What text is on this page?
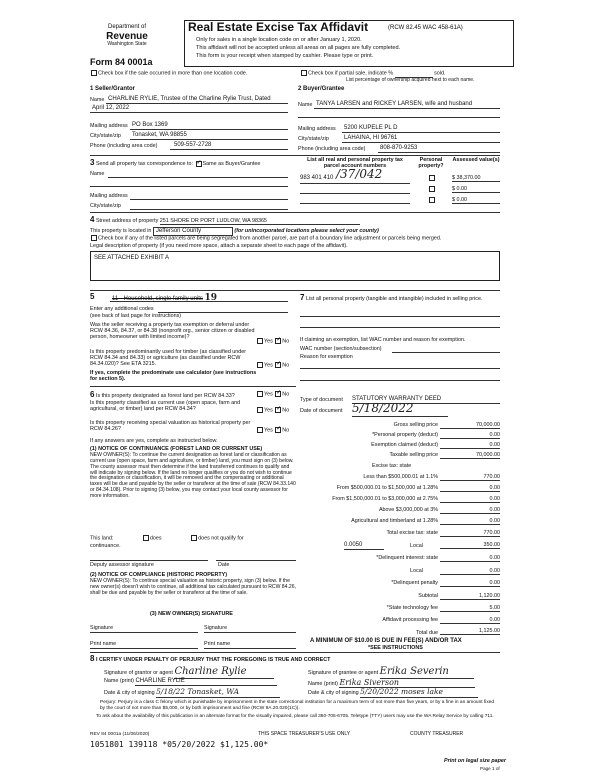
Department of
Revenue
Washington State
Form 84 0001a
Real Estate Excise Tax Affidavit	(RCW 82.45 WAC 458-61A)
Only for sales in a single location code on or after January 1, 2020.
This affidavit will not be accepted unless all areas on all pages are fully completed.
This form is your receipt when stamped by cashier. Please type or print.
Check box if the sale occurred in more than one location code.	Check box if partial sale, indicate %	sold.
List percentage of ownership acquired next to each name.
1 Seller/Grantor
Name CHARLINE RYLIE, Trustee of the Charline Rylie Trust, Dated
April 12, 2022
Mailing address PO Box 1369
City/state/zip Tonasket, WA 98855
Phone (including area code)	509-557-2728
2 Buyer/Grantee
Name TANYA LARSEN and RICKEY LARSEN, wife and husband
Mailing address 5200 KUPELE PL D
City/state/zip	LAHAINA, HI 96761
Phone (including area code) 808-870-9253
3 Send all property tax correspondence to: ✓ Same as Buyer/Grantee
Name
Mailing address
City/state/zip
List all real and personal property tax parcel account numbers
Personal property?
Assessed value(s)
983 401 410 /37/042	$ 38,370.00
$ 0.00
$ 0.00
4 Street address of property 251 SHORE DR PORT LUDLOW, WA 98365
This property is located in Jefferson County	(for unincorporated locations please select your county)
Check box if any of the listed parcels are being segregated from another parcel, are part of a boundary line adjustment or parcels being merged.
Legal description of property (if you need more space, attach a separate sheet to each page of the affidavit).
SEE ATTACHED EXHIBIT A
5	11 - Household, single family units 19
Enter any additional codes
(see back of last page for instructions)
Was the seller receiving a property tax exemption or deferral under RCW 84.36, 84.37, or 84.38 (nonprofit org., senior citizen or disabled person, homeowner with limited income)?
Yes ✓ No
Is this property predominantly used for timber (as classified under RCW 84.34 and 84.33) or agriculture (as classified under RCW 84.34.020)? See ETA 3215.	Yes ✓ No
If yes, complete the predominate use calculator (see instructions for section 5).
7 List all personal property (tangible and intangible) included in selling price.
If claiming an exemption, list WAC number and reason for exemption.
WAC number (section/subsection)
Reason for exemption
6 Is this property designated as forest land per RCW 84.33?	Yes ✓ No
Is this property classified as current use (open space, farm and agricultural, or timber) land per RCW 84.34?	Yes ✓ No
Is this property receiving special valuation as historical property per RCW 84.26?	Yes ✓ No
If any answers are yes, complete as instructed below.
(1) NOTICE OF CONTINUANCE (FOREST LAND OR CURRENT USE)
NEW OWNER(S): To continue the current designation as forest land or classification as current use (open space, farm and agriculture, or timber) land, you must sign on (3) below. The county assessor must then determine if the land transferred continues to qualify and will indicate by signing below. If the land no longer qualifies or you do not wish to continue the designation or classification, it will be removed and the compensating or additional taxes will be due and payable by the seller or transferor at the time of sale (RCW 84.33.140 or 84.34.108). Prior to signing (3) below, you may contact your local county assessor for more information.
This land:	does	does not qualify for
continuance.
Deputy assessor signature	Date
(2) NOTICE OF COMPLIANCE (HISTORIC PROPERTY)
NEW OWNER(S): To continue special valuation as historic property, sign (3) below. If the new owner(s) doesn't wish to continue, all additional tax calculated pursuant to RCW 84.26, shall be due and payable by the seller or transferor at the time of sale.
(3) NEW OWNER(S) SIGNATURE
Signature	Signature
Print name	Print name
Type of document STATUTORY WARRANTY DEED
Date of document 5/18/2022
Gross selling price	70,000.00
*Personal property (deduct)	0.00
Exemption claimed (deduct)	0.00
Taxable selling price	70,000.00
Excise tax: state
Less than $500,000.01 at 1.1%	770.00
From $500,000.01 to $1,500,000 at 1.28%	0.00
From $1,500,000.01 to $3,000,000 at 2.75%	0.00
Above $3,000,000 at 3%	0.00
Agricultural and timberland at 1.28%	0.00
Total excise tax: state	770.00
0.0050	Local	350.00
*Delinquent interest: state	0.00
Local	0.00
*Delinquent penalty	0.00
Subtotal	1,120.00
*State technology fee	5.00
Affidavit processing fee	0.00
Total due	1,125.00
A MINIMUM OF $10.00 IS DUE IN FEE(S) AND/OR TAX
*SEE INSTRUCTIONS
8 I CERTIFY UNDER PENALTY OF PERJURY THAT THE FOREGOING IS TRUE AND CORRECT
Signature of grantor or agent Charline Rylie
Name (print) CHARLINE RYLIE
Date & city of signing 5/18/22 Tonasket, WA
Signature of grantee or agent Erika Severin
Name (print) Erika Siverson
Date & city of signing 5/20/2022 moses lake
Perjury: Perjury is a class C felony which is punishable by imprisonment in the state correctional institution for a maximum term of not more than five years, or by a fine in an amount fixed by the court of not more than $5,000, or by both imprisonment and fine (RCW 9A.20.020(1C)).
To ask about the availability of this publication in an alternate format for the visually impaired, please call 360-705-6705. Teletype (TTY) users may use the WA Relay Service by calling 711.
REV 84 0001a (11/06/2020)	THIS SPACE TREASURER'S USE ONLY	COUNTY TREASURER
1051801 139118 *05/20/2022 $1,125.00*
Print on legal size paper
Page 1 of
